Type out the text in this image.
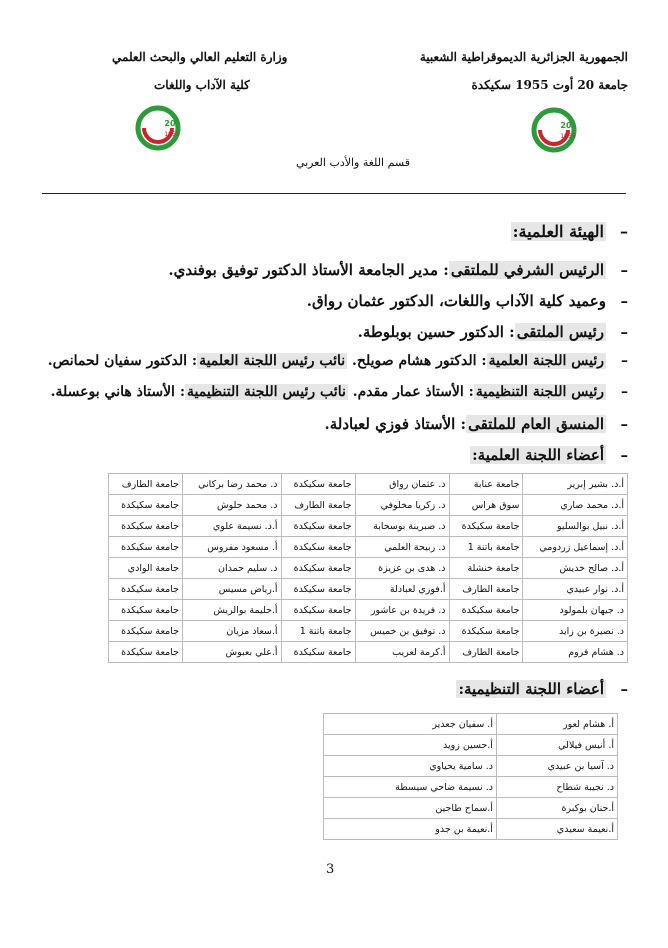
الجمهورية الجزائرية الديموقراطية الشعبية
جامعة 20 أوت 1955 سكيكدة
وزارة التعليم العالي والبحث العلمي
كلية الآداب واللغات
20
1955
20
1955
قسم اللغة والأدب العربي
–الهيئة العلمية:
–الرئيس الشرفي للملتقى: مدير الجامعة الأستاذ الدكتور توفيق بوفندي.
–وعميد كلية الآداب واللغات، الدكتور عثمان رواق.
–رئيس الملتقى: الدكتور حسين بوبلوطة.
–رئيس اللجنة العلمية: الدكتور هشام صويلح. نائب رئيس اللجنة العلمية: الدكتور سفيان لحمانص.
–رئيس اللجنة التنظيمية: الأستاذ عمار مقدم. نائب رئيس اللجنة التنظيمية: الأستاذ هاني بوعسلة.
–المنسق العام للملتقى: الأستاذ فوزي لعبادلة.
–أعضاء اللجنة العلمية:
أ.د. بشير إبرير	جامعة عنابة	د. عثمان رواق	جامعة سكيكدة	د. محمد رضا بركاني	جامعة الطارف
أ.د. محمد صاري	سوق هراس	د. زكريا مخلوفي	جامعة الطارف	د. محمد حلوش	جامعة سكيكدة
أ.د. نبيل بوالسليو	جامعة سكيكدة	د. صبرينة بوسحابة	جامعة سكيكدة	أ.د. نسيمة علوي	جامعة سكيكدة
أ.د. إسماعيل زردومي	جامعة باتنة 1	د. ربيحة العلمي	جامعة سكيكدة	أ. مسعود مفروس	جامعة سكيكدة
أ.د. صالح خديش	جامعة خنشلة	د. هدى بن عزيزة	جامعة سكيكدة	د. سليم حمدان	جامعة الوادي
أ.د. نوار عبيدي	جامعة الطارف	أ.فوزي لعبادلة	جامعة سكيكدة	أ.رياض مسيس	جامعة سكيكدة
د. جيهان بلمولود	جامعة سكيكدة	د. فريدة بن عاشور	جامعة سكيكدة	أ.حليمة بوالريش	جامعة سكيكدة
د. نصيرة بن زايد	جامعة سكيكدة	د. توفيق بن خميس	جامعة باتنة 1	أ.سعاد مزيان	جامعة سكيكدة
د. هشام فروم	جامعة الطارف	أ.كرمة لعريب	جامعة سكيكدة	أ.علي بعبوش	جامعة سكيكدة
–أعضاء اللجنة التنظيمية:
أ. هشام لعور	أ. سفيان جعدير
أ. أنيس فيلالي	أ.حسين زويد
د. آسيا بن عبيدي	د. سامية يحياوي
د. نجيبة شطاح	د. نسيمة ضاحي سيسطة
أ.حنان بوكبرة	أ.سماح طاجين
أ.نعيمة سعيدي	أ.نعيمة بن جدو
3
